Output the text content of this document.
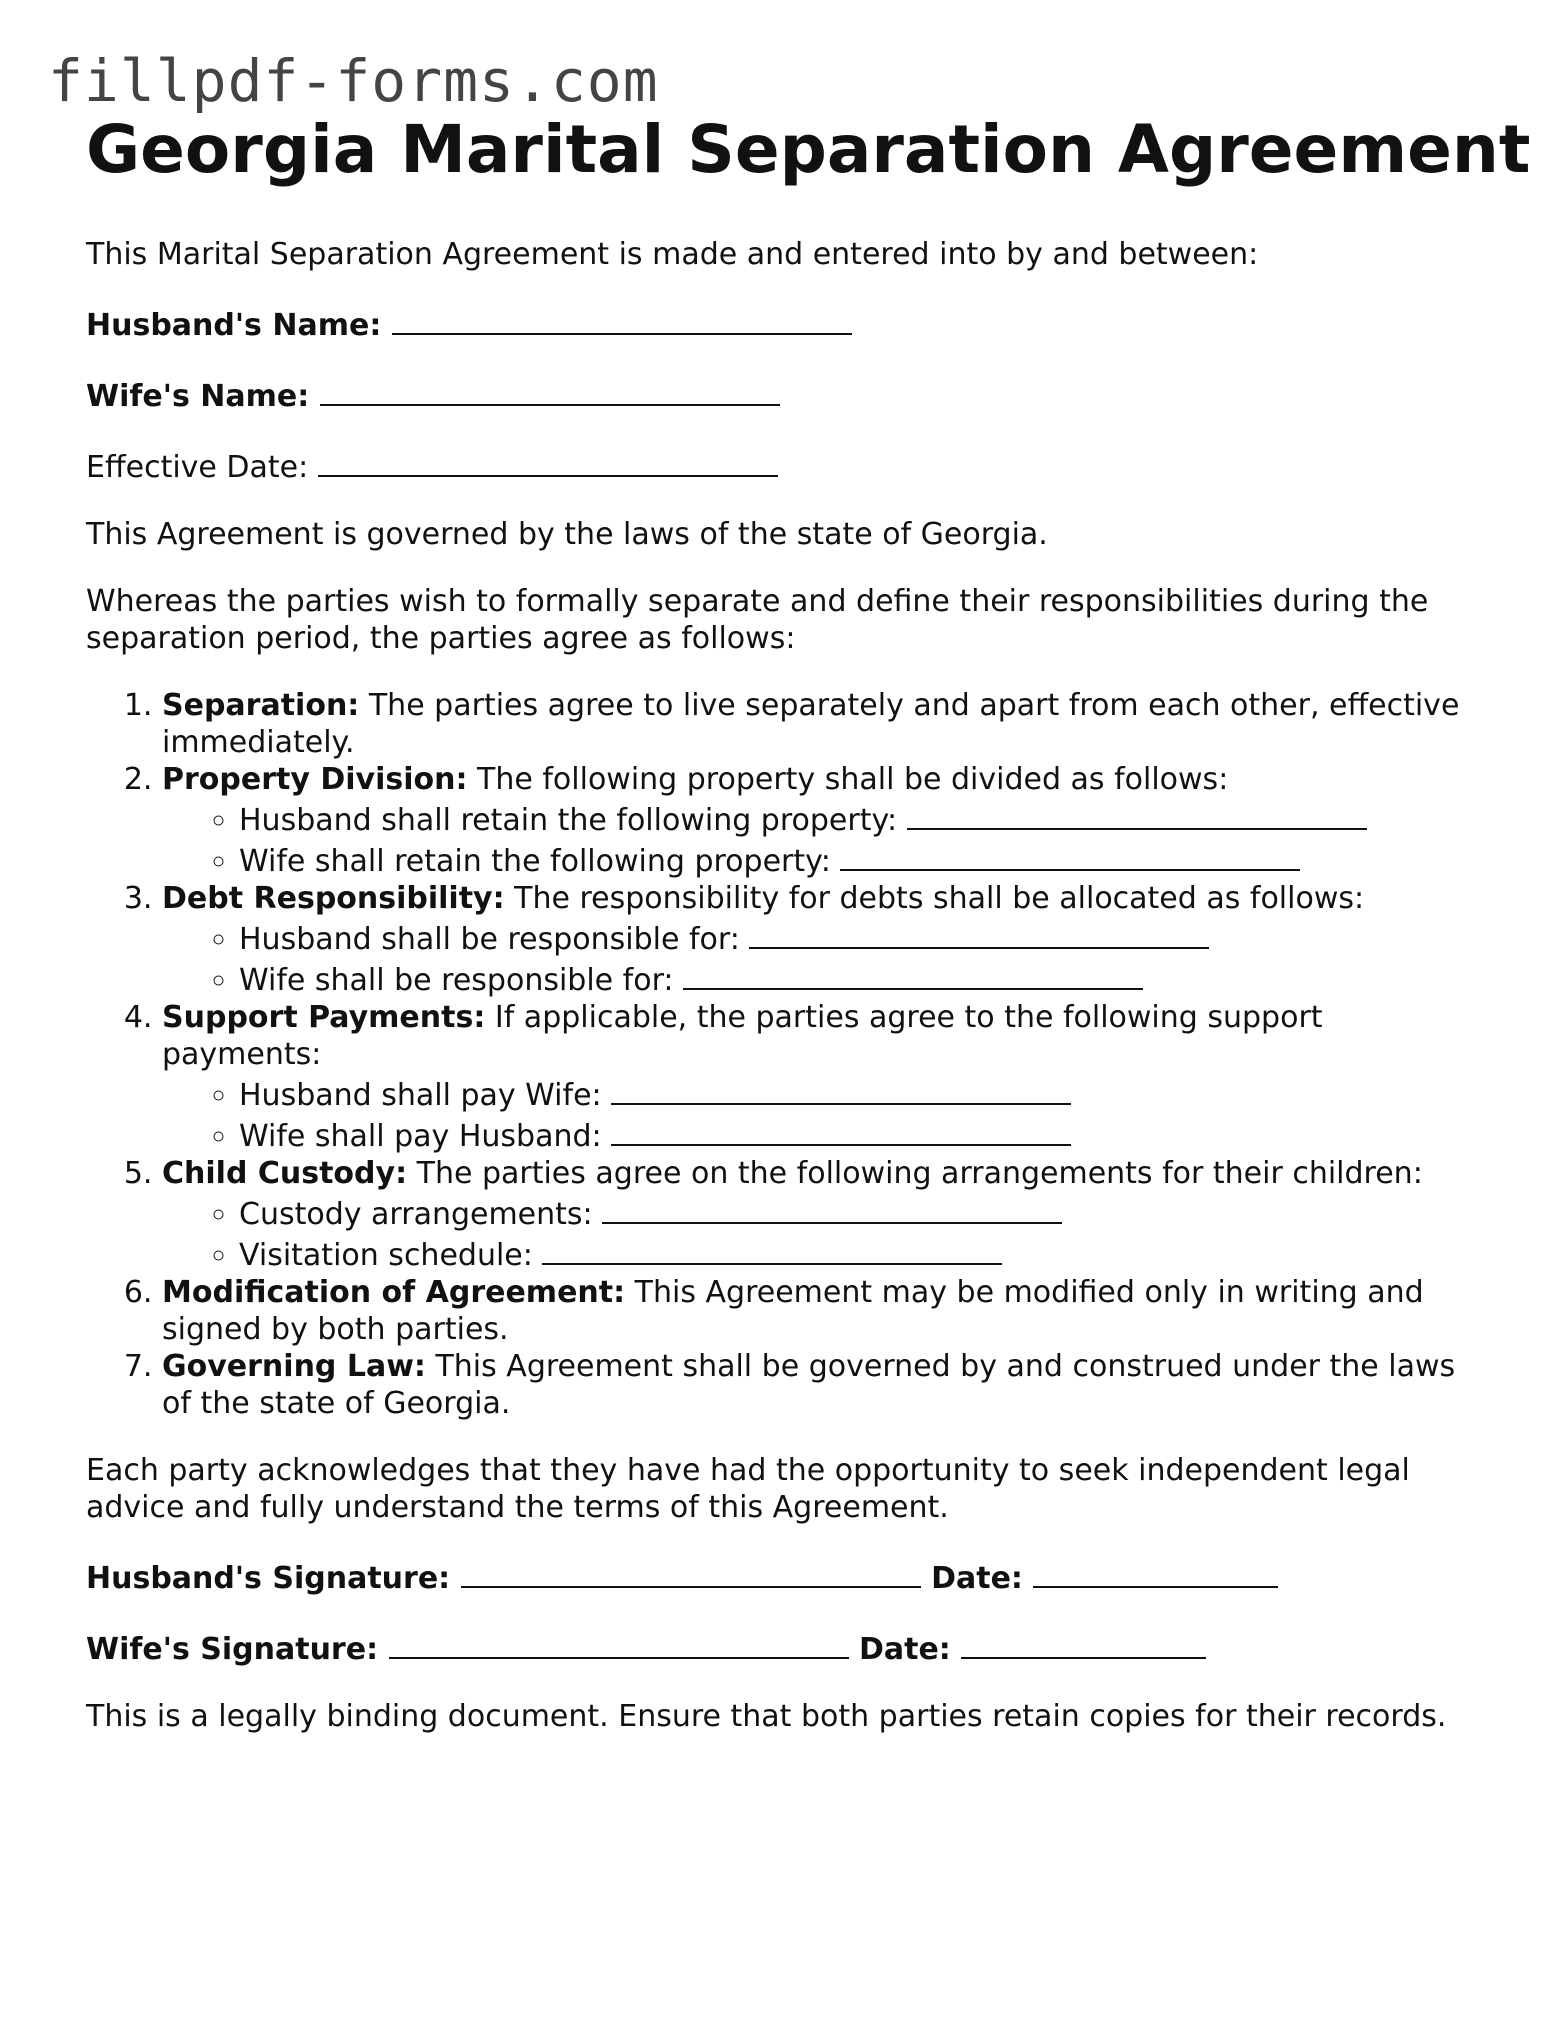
fillpdf-forms.com
Georgia Marital Separation Agreement

This Marital Separation Agreement is made and entered into by and between:

Husband's Name:

Wife's Name:

Effective Date:

This Agreement is governed by the laws of the state of Georgia.

Whereas the parties wish to formally separate and define their responsibilities during the separation period, the parties agree as follows:

1. Separation: The parties agree to live separately and apart from each other, effective immediately.
2. Property Division: The following property shall be divided as follows:
◦ Husband shall retain the following property:
◦ Wife shall retain the following property:
3. Debt Responsibility: The responsibility for debts shall be allocated as follows:
◦ Husband shall be responsible for:
◦ Wife shall be responsible for:
4. Support Payments: If applicable, the parties agree to the following support payments:
◦ Husband shall pay Wife:
◦ Wife shall pay Husband:
5. Child Custody: The parties agree on the following arrangements for their children:
◦ Custody arrangements:
◦ Visitation schedule:
6. Modification of Agreement: This Agreement may be modified only in writing and signed by both parties.
7. Governing Law: This Agreement shall be governed by and construed under the laws of the state of Georgia.

Each party acknowledges that they have had the opportunity to seek independent legal advice and fully understand the terms of this Agreement.

Husband's Signature:	Date:

Wife's Signature:	Date:

This is a legally binding document. Ensure that both parties retain copies for their records.
